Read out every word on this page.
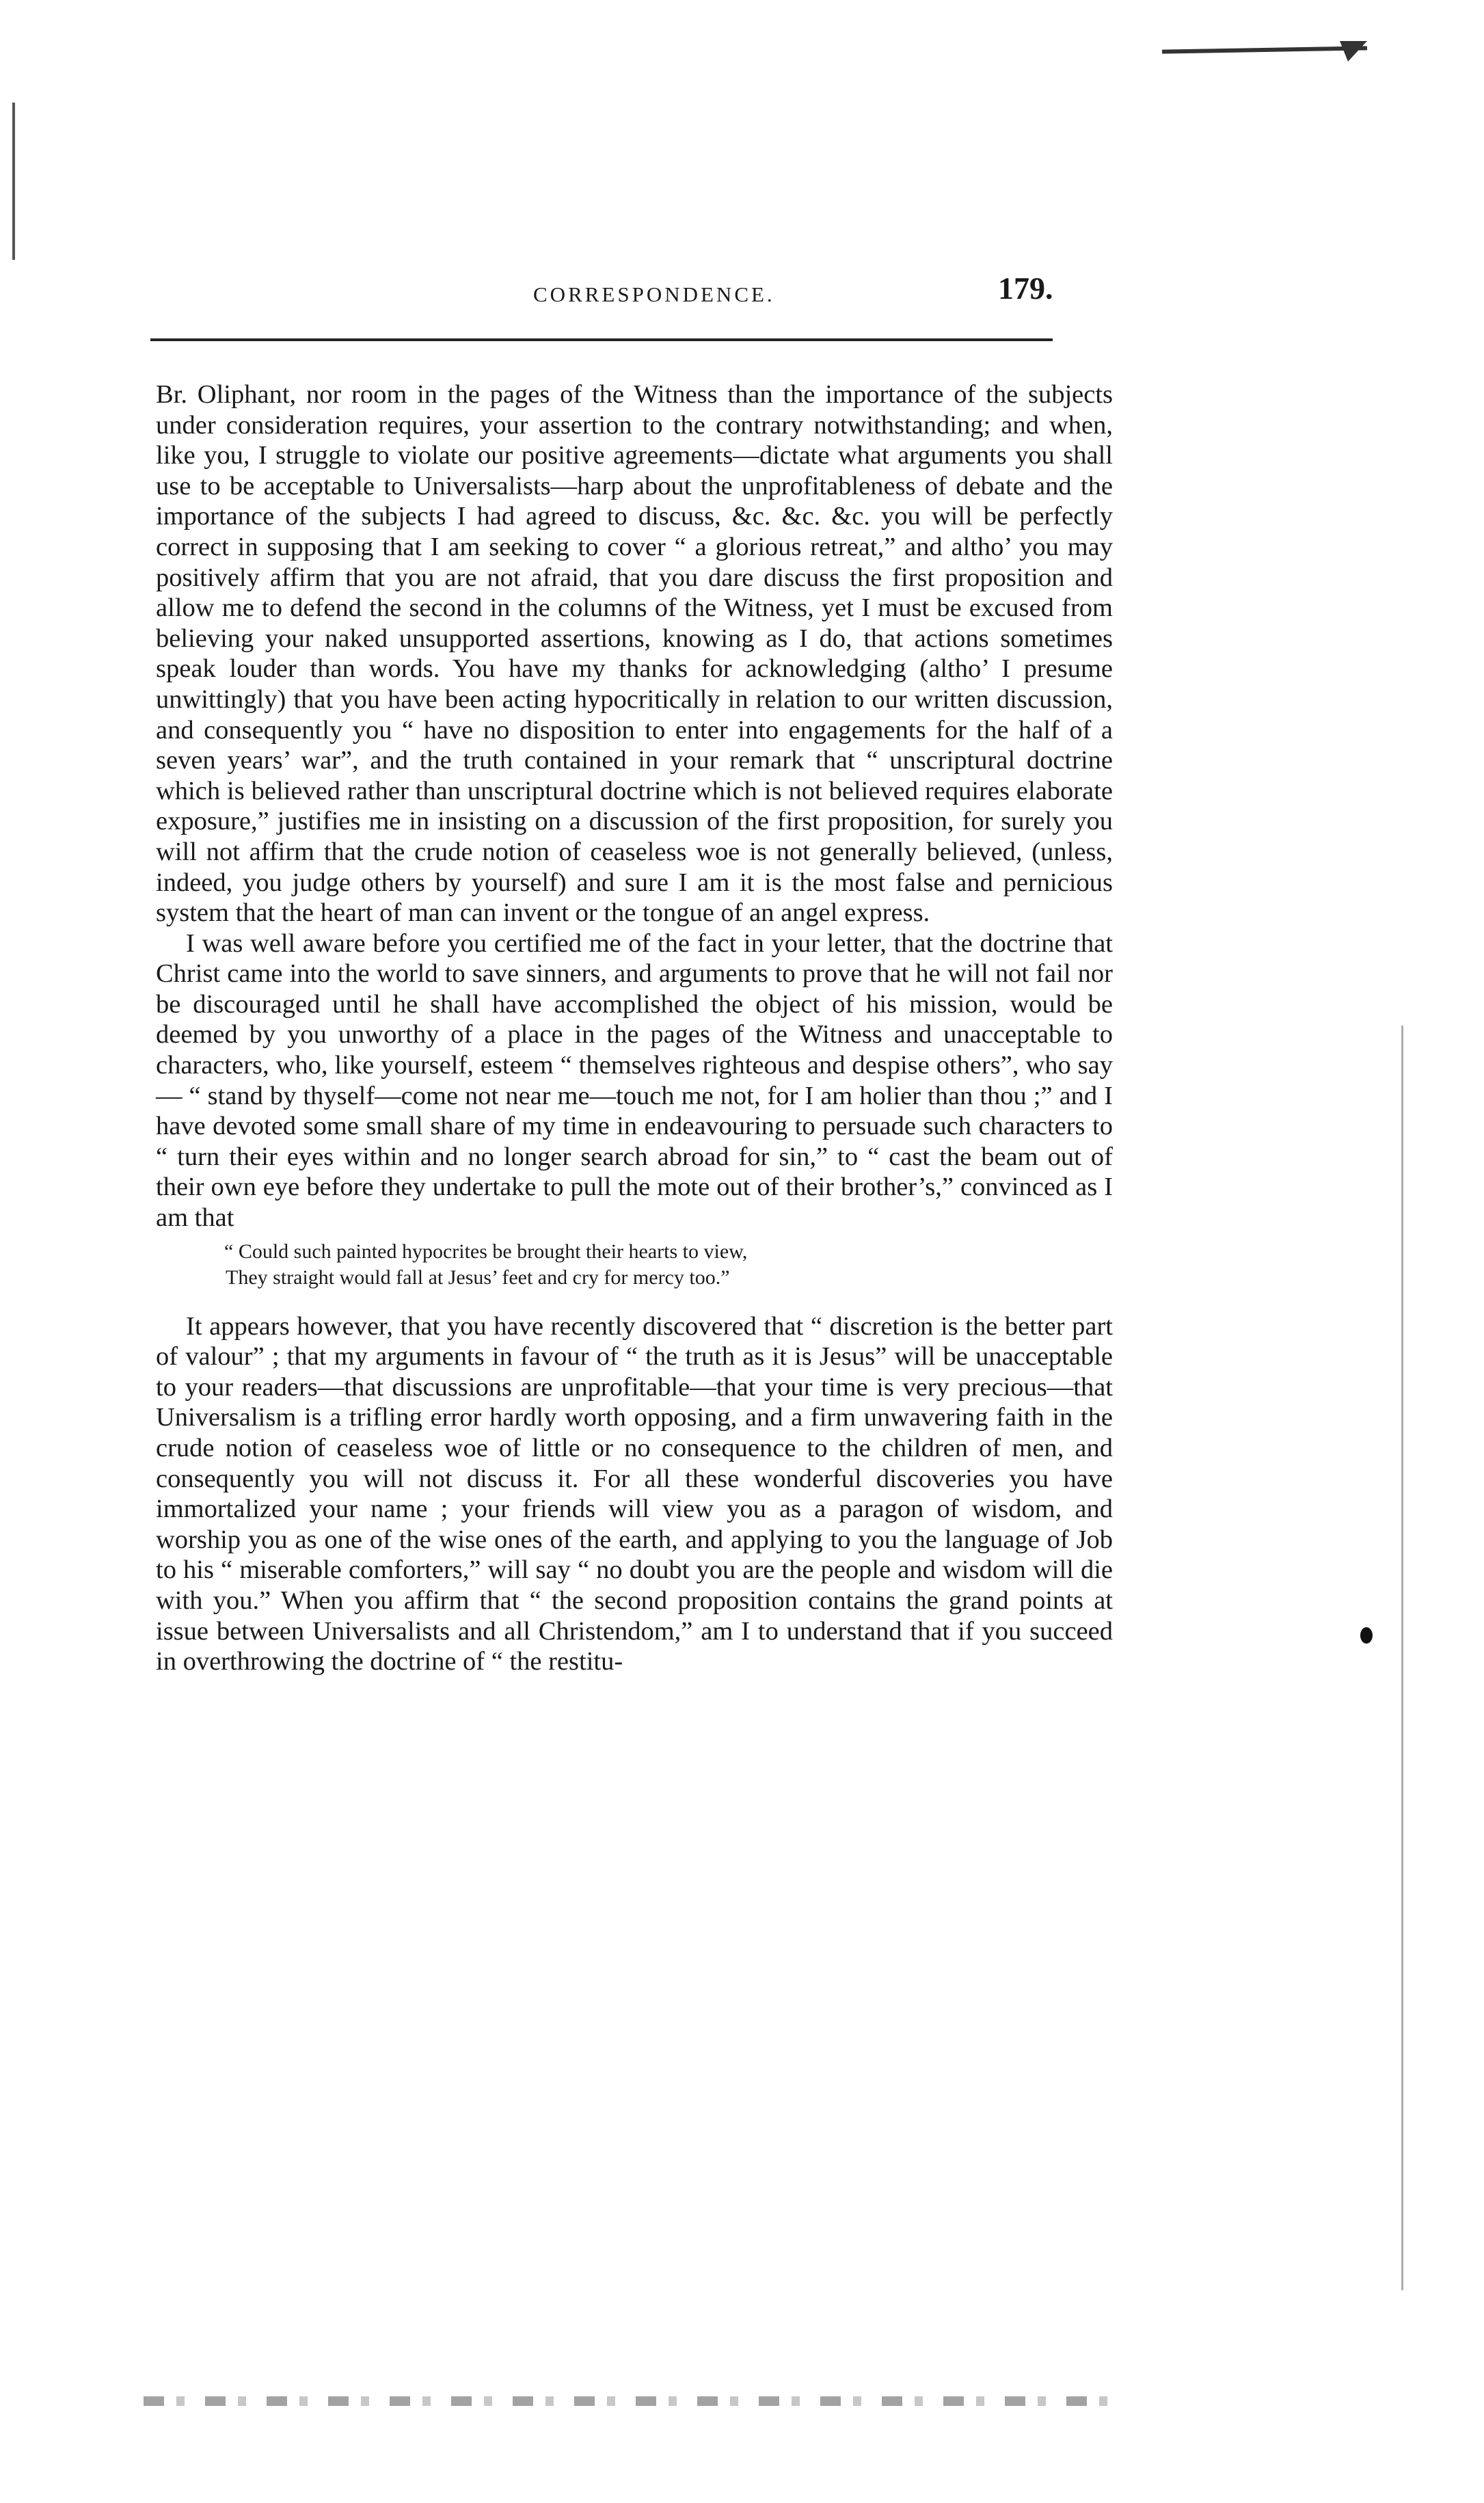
CORRESPONDENCE.	179.

Br. Oliphant, nor room in the pages of the Witness than the importance of the subjects under consideration requires, your assertion to the contrary notwithstanding; and when, like you, I struggle to violate our positive agreements—dictate what arguments you shall use to be acceptable to Universalists—harp about the unprofitableness of debate and the importance of the subjects I had agreed to discuss, &c. &c. &c. you will be perfectly correct in supposing that I am seeking to cover “ a glorious retreat,” and altho’ you may positively affirm that you are not afraid, that you dare discuss the first proposition and allow me to defend the second in the columns of the Witness, yet I must be excused from believing your naked unsupported assertions, knowing as I do, that actions sometimes speak louder than words. You have my thanks for acknowledging (altho’ I presume unwittingly) that you have been acting hypocritically in relation to our written discussion, and consequently you “ have no disposition to enter into engagements for the half of a seven years’ war”, and the truth contained in your remark that “ unscriptural doctrine which is believed rather than unscriptural doctrine which is not believed requires elaborate exposure,” justifies me in insisting on a discussion of the first proposition, for surely you will not affirm that the crude notion of ceaseless woe is not generally believed, (unless, indeed, you judge others by yourself) and sure I am it is the most false and pernicious system that the heart of man can invent or the tongue of an angel express.

I was well aware before you certified me of the fact in your letter, that the doctrine that Christ came into the world to save sinners, and arguments to prove that he will not fail nor be discouraged until he shall have accomplished the object of his mission, would be deemed by you unworthy of a place in the pages of the Witness and unacceptable to characters, who, like yourself, esteem “ themselves righteous and despise others”, who say— “ stand by thyself—come not near me—touch me not, for I am holier than thou ;” and I have devoted some small share of my time in endeavouring to persuade such characters to “ turn their eyes within and no longer search abroad for sin,” to “ cast the beam out of their own eye before they undertake to pull the mote out of their brother’s,” convinced as I am that

“ Could such painted hypocrites be brought their hearts to view,
They straight would fall at Jesus’ feet and cry for mercy too.”

It appears however, that you have recently discovered that “ discretion is the better part of valour” ; that my arguments in favour of “ the truth as it is Jesus” will be unacceptable to your readers—that discussions are unprofitable—that your time is very precious—that Universalism is a trifling error hardly worth opposing, and a firm unwavering faith in the crude notion of ceaseless woe of little or no consequence to the children of men, and consequently you will not discuss it. For all these wonderful discoveries you have immortalized your name ; your friends will view you as a paragon of wisdom, and worship you as one of the wise ones of the earth, and applying to you the language of Job to his “ miserable comforters,” will say “ no doubt you are the people and wisdom will die with you.” When you affirm that “ the second proposition contains the grand points at issue between Universalists and all Christendom,” am I to understand that if you succeed in overthrowing the doctrine of “ the restitu-
